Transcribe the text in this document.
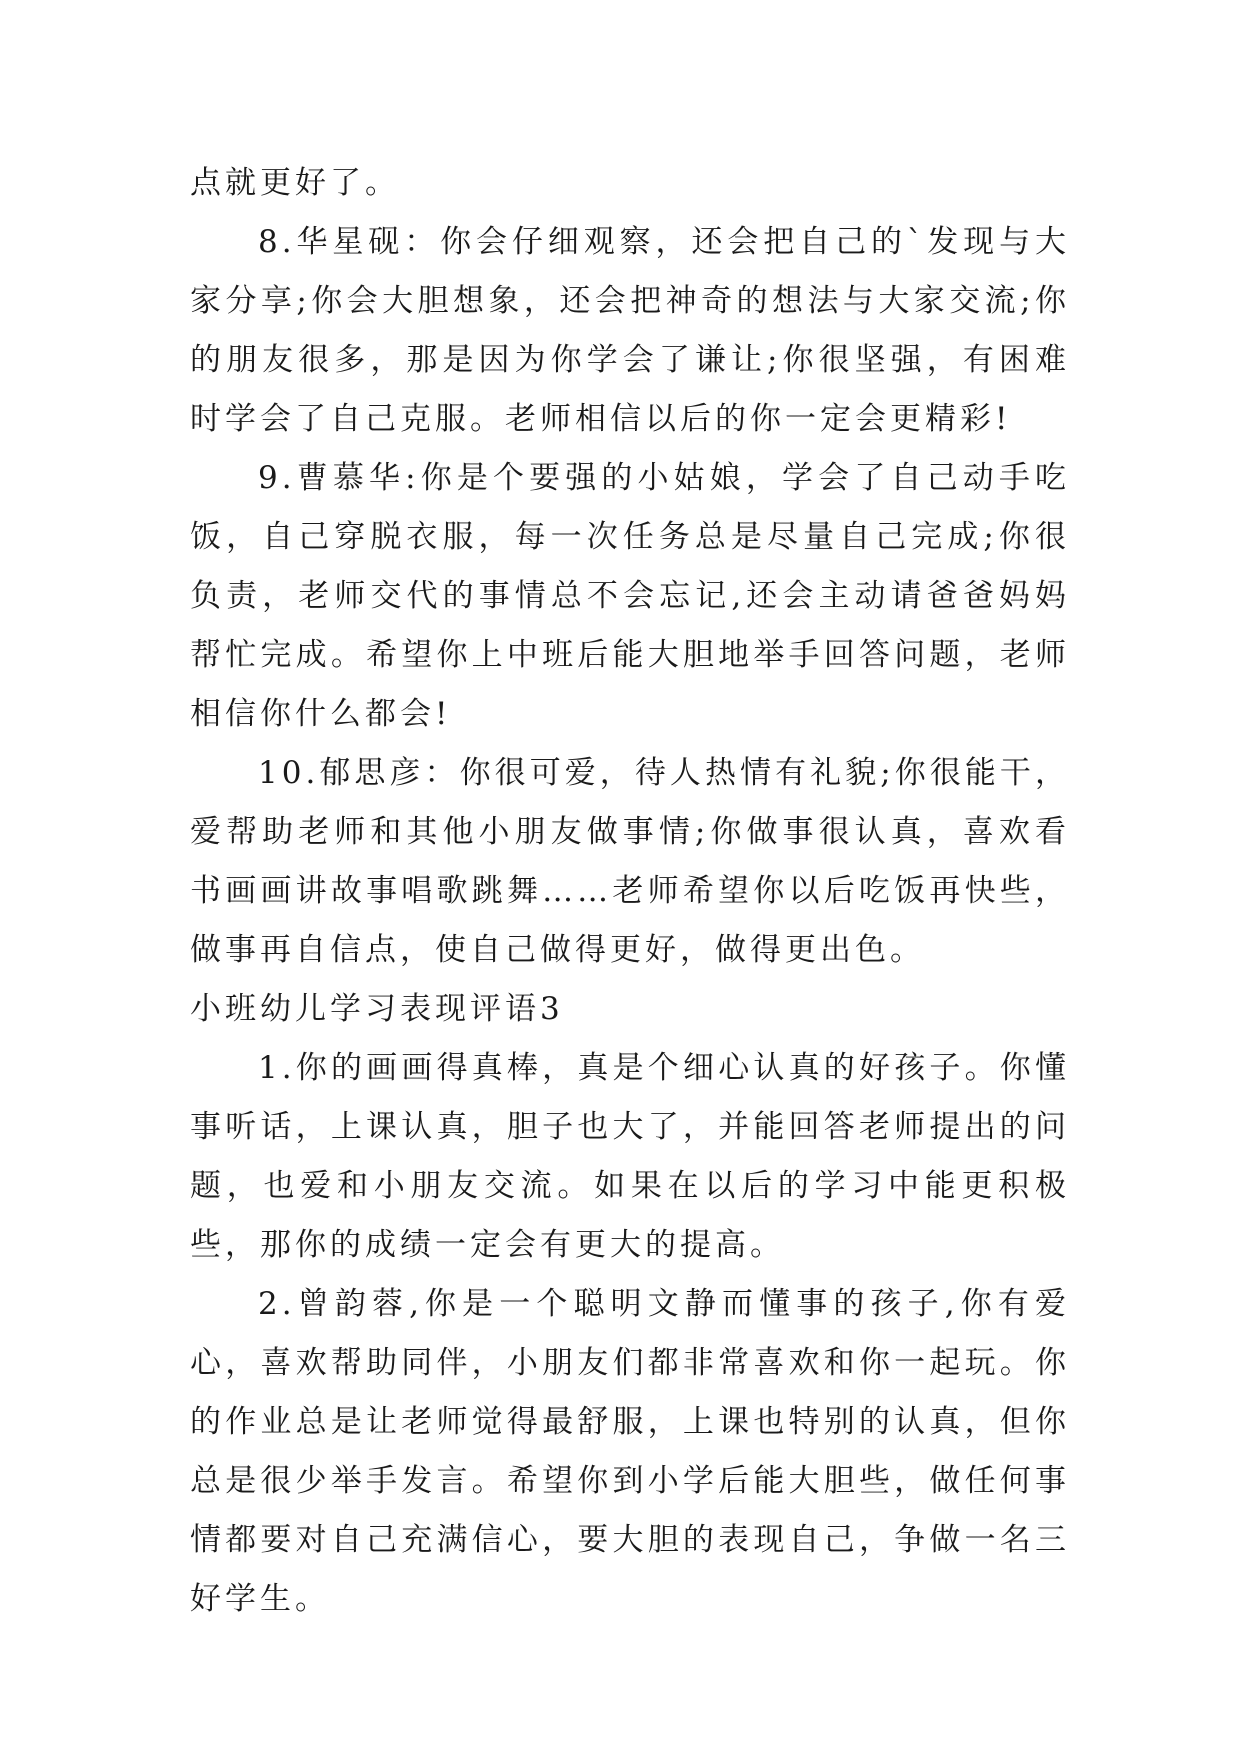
点就更好了。

8.华星砚：你会仔细观察，还会把自己的`发现与大家分享;你会大胆想象，还会把神奇的想法与大家交流;你的朋友很多，那是因为你学会了谦让;你很坚强，有困难时学会了自己克服。老师相信以后的你一定会更精彩!

9.曹慕华:你是个要强的小姑娘，学会了自己动手吃饭，自己穿脱衣服，每一次任务总是尽量自己完成;你很负责，老师交代的事情总不会忘记,还会主动请爸爸妈妈帮忙完成。希望你上中班后能大胆地举手回答问题，老师相信你什么都会!

10.郁思彦：你很可爱，待人热情有礼貌;你很能干，爱帮助老师和其他小朋友做事情;你做事很认真，喜欢看书画画讲故事唱歌跳舞……老师希望你以后吃饭再快些，做事再自信点，使自己做得更好，做得更出色。

小班幼儿学习表现评语3

1.你的画画得真棒，真是个细心认真的好孩子。你懂事听话，上课认真，胆子也大了，并能回答老师提出的问题，也爱和小朋友交流。如果在以后的学习中能更积极些，那你的成绩一定会有更大的提高。

2.曾韵蓉,你是一个聪明文静而懂事的孩子,你有爱心，喜欢帮助同伴，小朋友们都非常喜欢和你一起玩。你的作业总是让老师觉得最舒服，上课也特别的认真，但你总是很少举手发言。希望你到小学后能大胆些，做任何事情都要对自己充满信心，要大胆的表现自己，争做一名三好学生。
